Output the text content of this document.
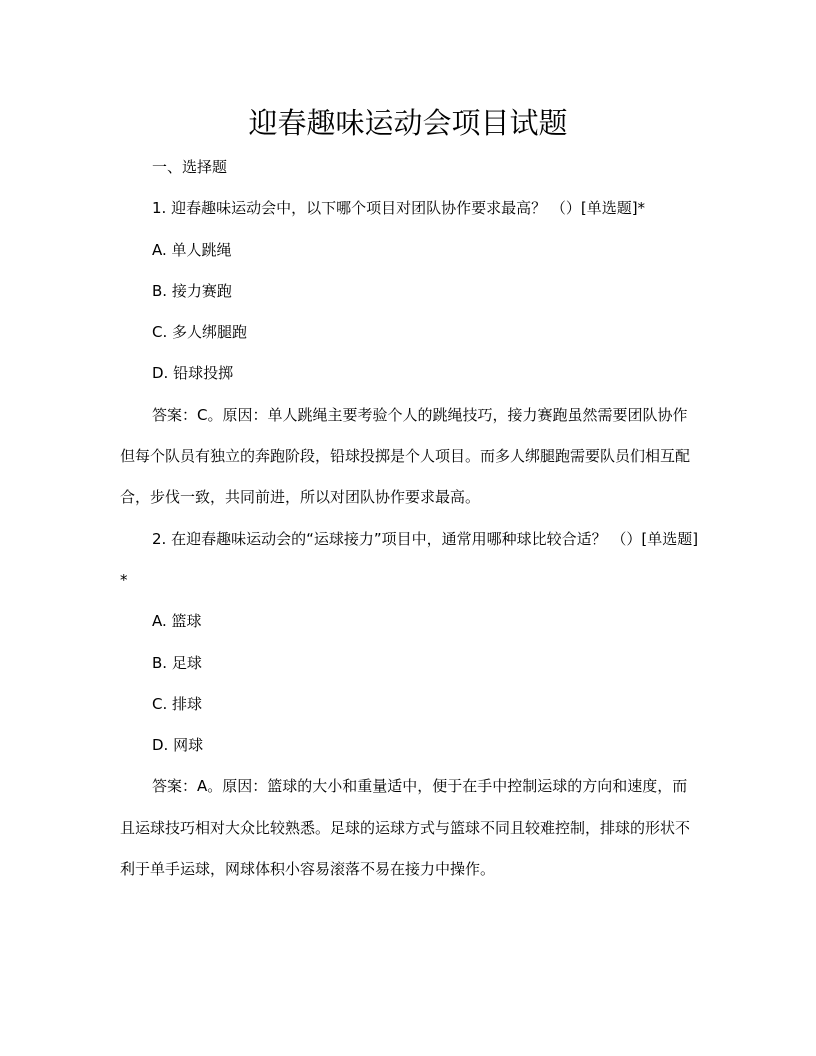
迎春趣味运动会项目试题
一、选择题
1. 迎春趣味运动会中，以下哪个项目对团队协作要求最高？ （）[单选题]*
A. 单人跳绳
B. 接力赛跑
C. 多人绑腿跑
D. 铅球投掷

答案：C。原因：单人跳绳主要考验个人的跳绳技巧，接力赛跑虽然需要团队协作但每个队员有独立的奔跑阶段，铅球投掷是个人项目。而多人绑腿跑需要队员们相互配合，步伐一致，共同前进，所以对团队协作要求最高。

2. 在迎春趣味运动会的“运球接力”项目中，通常用哪种球比较合适？ （）[单选题]*

A. 篮球
B. 足球
C. 排球
D. 网球

答案：A。原因：篮球的大小和重量适中，便于在手中控制运球的方向和速度，而且运球技巧相对大众比较熟悉。足球的运球方式与篮球不同且较难控制，排球的形状不利于单手运球，网球体积小容易滚落不易在接力中操作。
